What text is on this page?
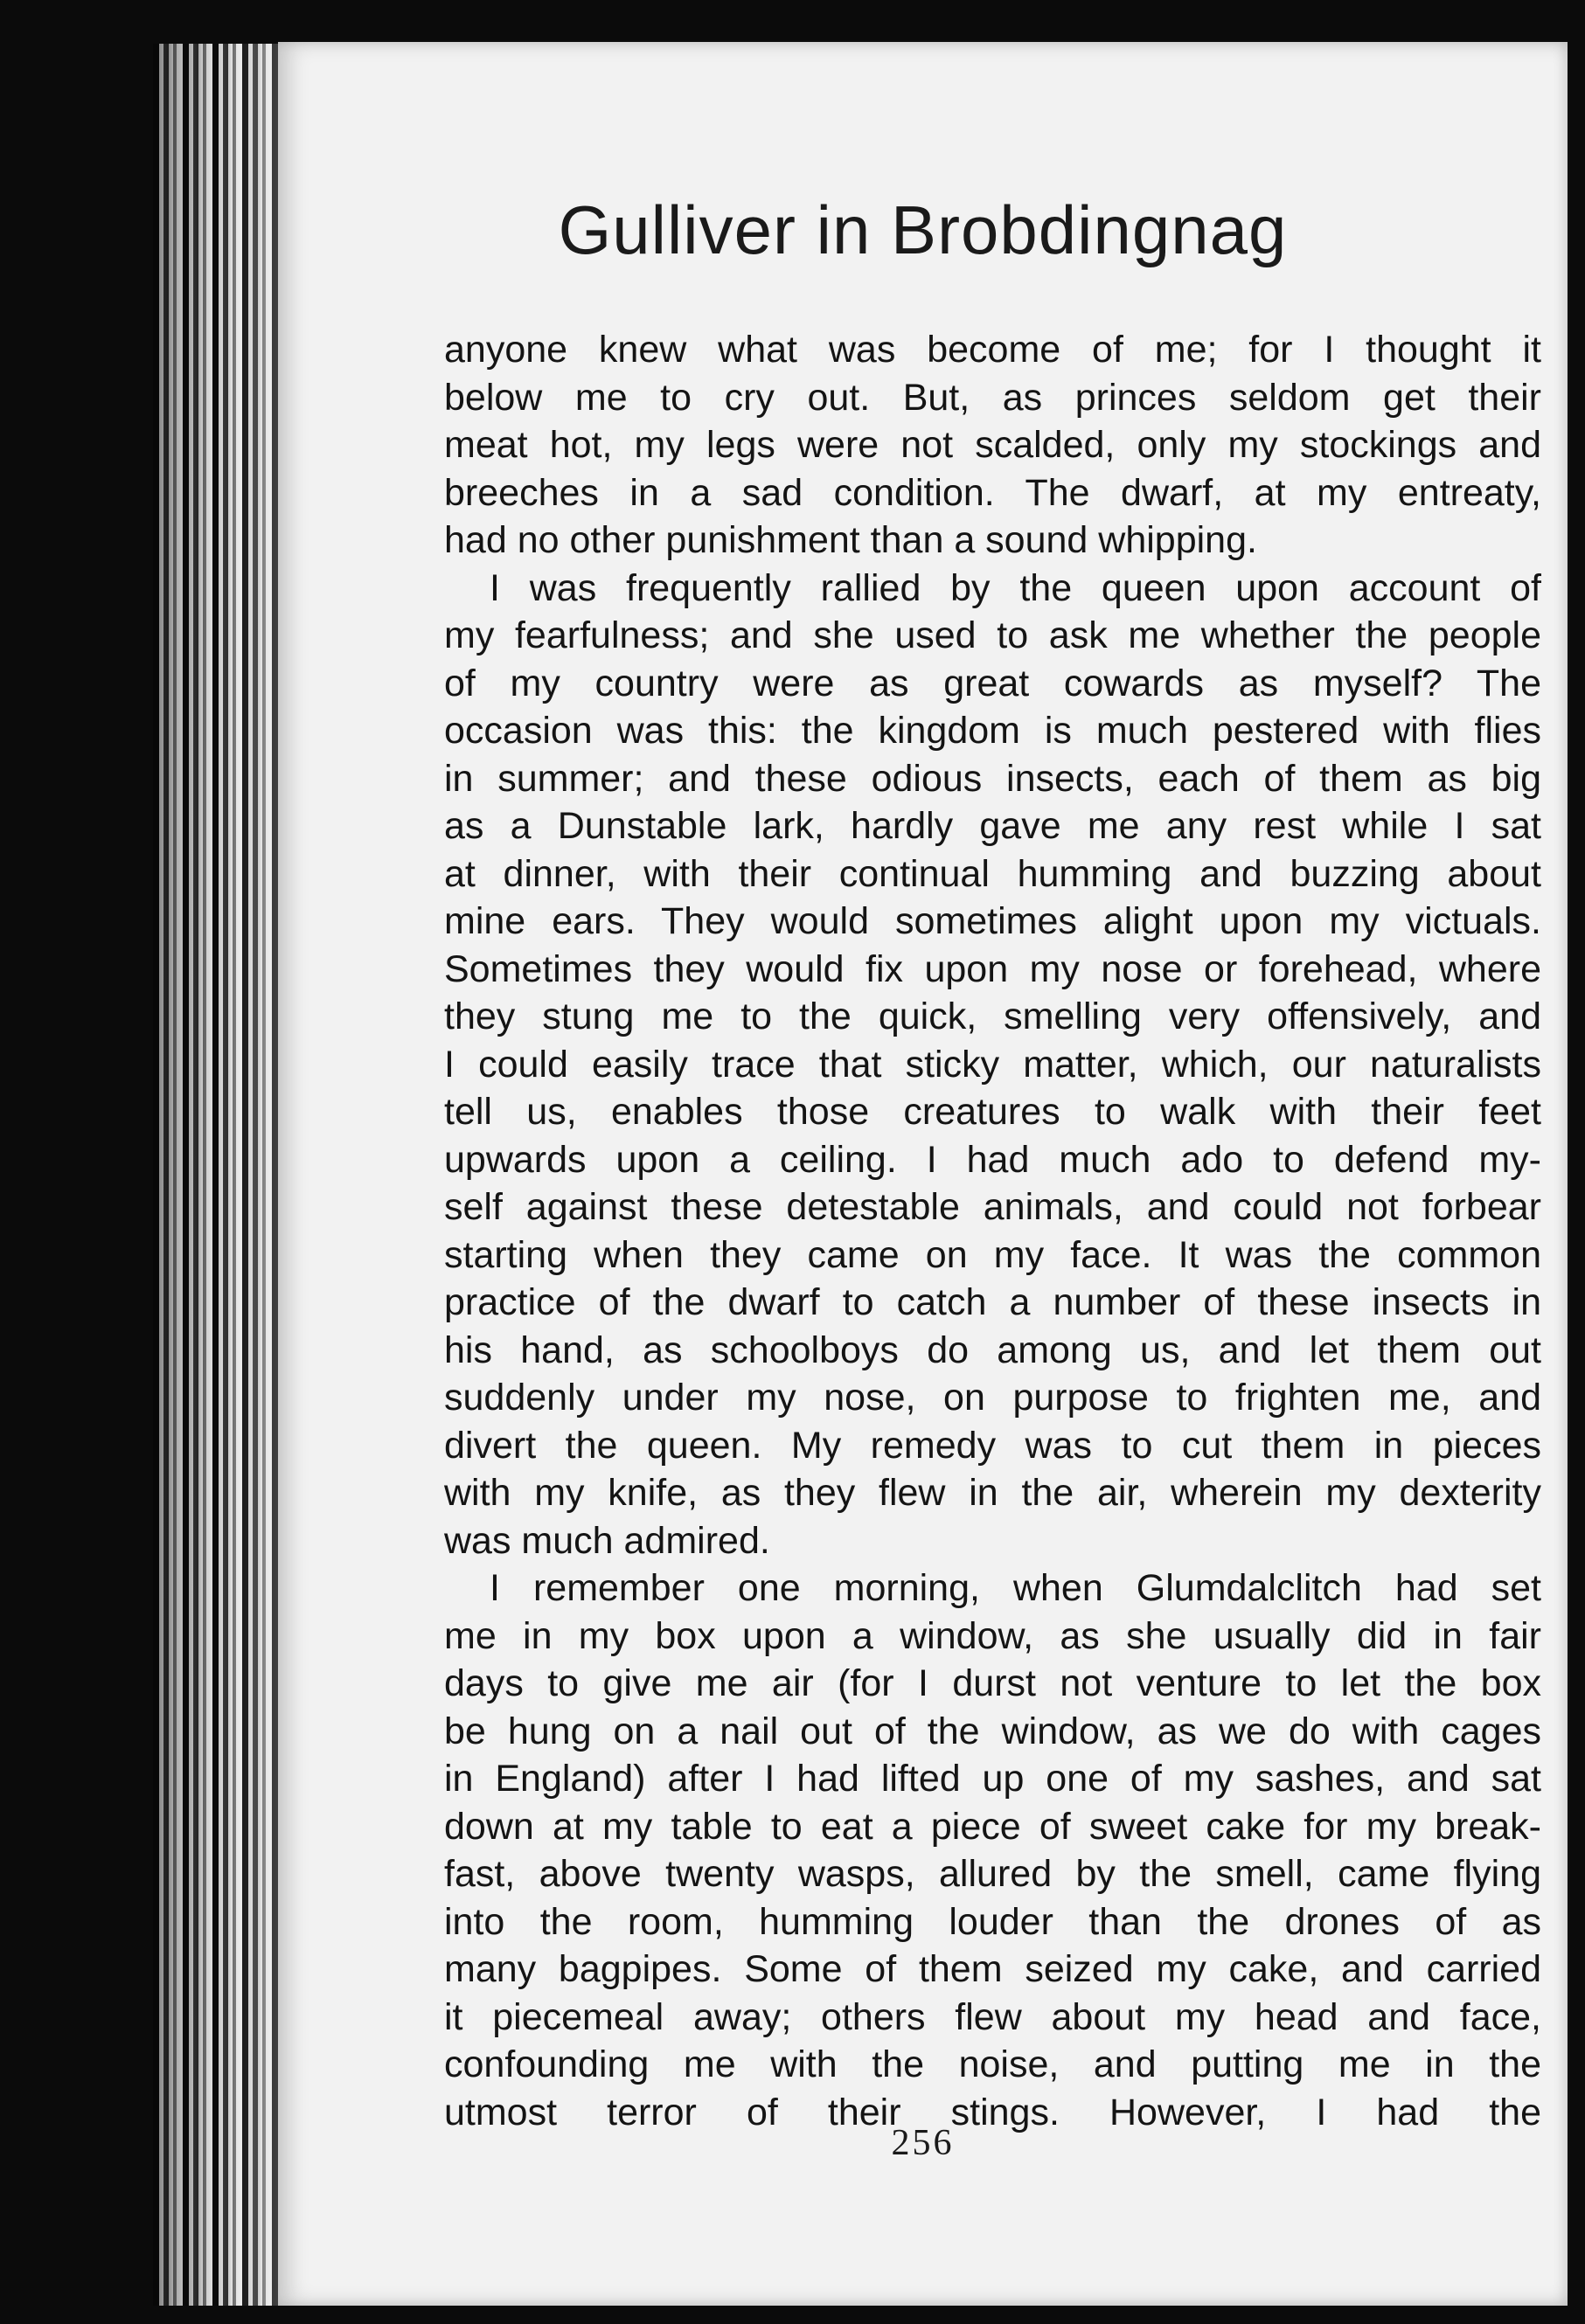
Gulliver in Brobdingnag

anyone knew what was become of me; for I thought it
below me to cry out. But, as princes seldom get their
meat hot, my legs were not scalded, only my stockings and
breeches in a sad condition. The dwarf, at my entreaty,
had no other punishment than a sound whipping.

I was frequently rallied by the queen upon account of
my fearfulness; and she used to ask me whether the people
of my country were as great cowards as myself? The
occasion was this: the kingdom is much pestered with flies
in summer; and these odious insects, each of them as big
as a Dunstable lark, hardly gave me any rest while I sat
at dinner, with their continual humming and buzzing about
mine ears. They would sometimes alight upon my victuals.
Sometimes they would fix upon my nose or forehead, where
they stung me to the quick, smelling very offensively, and
I could easily trace that sticky matter, which, our naturalists
tell us, enables those creatures to walk with their feet
upwards upon a ceiling. I had much ado to defend my-
self against these detestable animals, and could not forbear
starting when they came on my face. It was the common
practice of the dwarf to catch a number of these insects in
his hand, as schoolboys do among us, and let them out
suddenly under my nose, on purpose to frighten me, and
divert the queen. My remedy was to cut them in pieces
with my knife, as they flew in the air, wherein my dexterity
was much admired.

I remember one morning, when Glumdalclitch had set
me in my box upon a window, as she usually did in fair
days to give me air (for I durst not venture to let the box
be hung on a nail out of the window, as we do with cages
in England) after I had lifted up one of my sashes, and sat
down at my table to eat a piece of sweet cake for my break-
fast, above twenty wasps, allured by the smell, came flying
into the room, humming louder than the drones of as
many bagpipes. Some of them seized my cake, and carried
it piecemeal away; others flew about my head and face,
confounding me with the noise, and putting me in the
utmost terror of their stings. However, I had the

256
